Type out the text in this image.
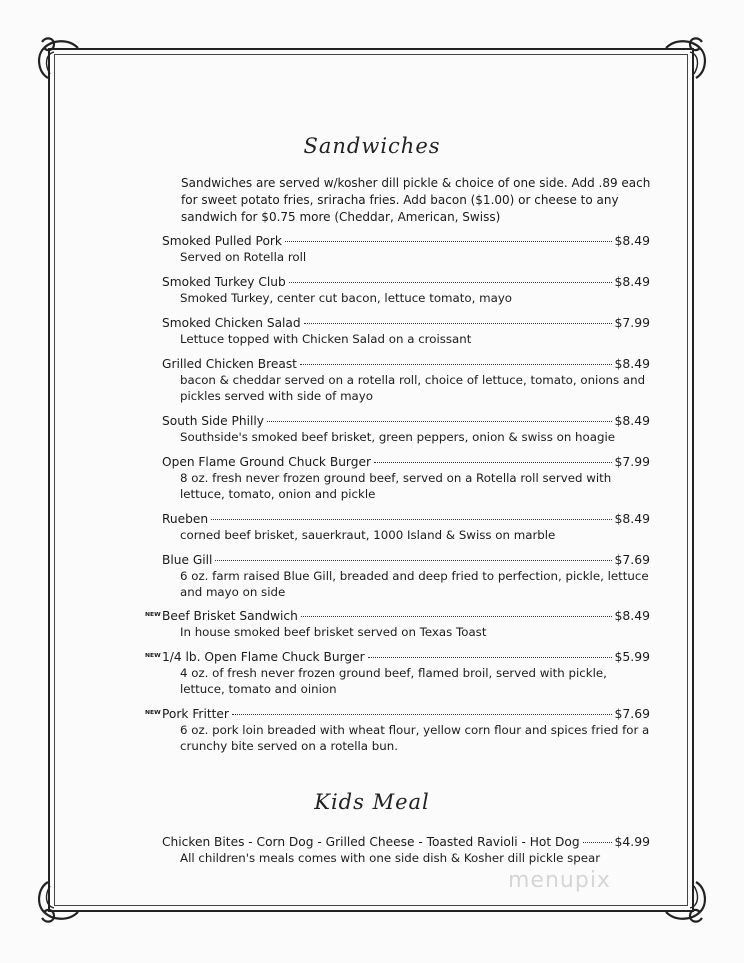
Sandwiches
Sandwiches are served w/kosher dill pickle & choice of one side. Add .89 each for sweet potato fries, sriracha fries. Add bacon ($1.00) or cheese to any sandwich for $0.75 more (Cheddar, American, Swiss)
Smoked Pulled Pork	$8.49
Served on Rotella roll
Smoked Turkey Club	$8.49
Smoked Turkey, center cut bacon, lettuce tomato, mayo
Smoked Chicken Salad	$7.99
Lettuce topped with Chicken Salad on a croissant
Grilled Chicken Breast	$8.49
bacon & cheddar served on a rotella roll, choice of lettuce, tomato, onions and pickles served with side of mayo
South Side Philly	$8.49
Southside's smoked beef brisket, green peppers, onion & swiss on hoagie
Open Flame Ground Chuck Burger	$7.99
8 oz. fresh never frozen ground beef, served on a Rotella roll served with lettuce, tomato, onion and pickle
Rueben	$8.49
corned beef brisket, sauerkraut, 1000 Island & Swiss on marble
Blue Gill	$7.69
6 oz. farm raised Blue Gill, breaded and deep fried to perfection, pickle, lettuce and mayo on side
NEW Beef Brisket Sandwich	$8.49
In house smoked beef brisket served on Texas Toast
NEW 1/4 lb. Open Flame Chuck Burger	$5.99
4 oz. of fresh never frozen ground beef, flamed broil, served with pickle, lettuce, tomato and oinion
NEW Pork Fritter	$7.69
6 oz. pork loin breaded with wheat flour, yellow corn flour and spices fried for a crunchy bite served on a rotella bun.
Kids Meal
Chicken Bites - Corn Dog - Grilled Cheese - Toasted Ravioli - Hot Dog	$4.99
All children's meals comes with one side dish & Kosher dill pickle spear
menupix
